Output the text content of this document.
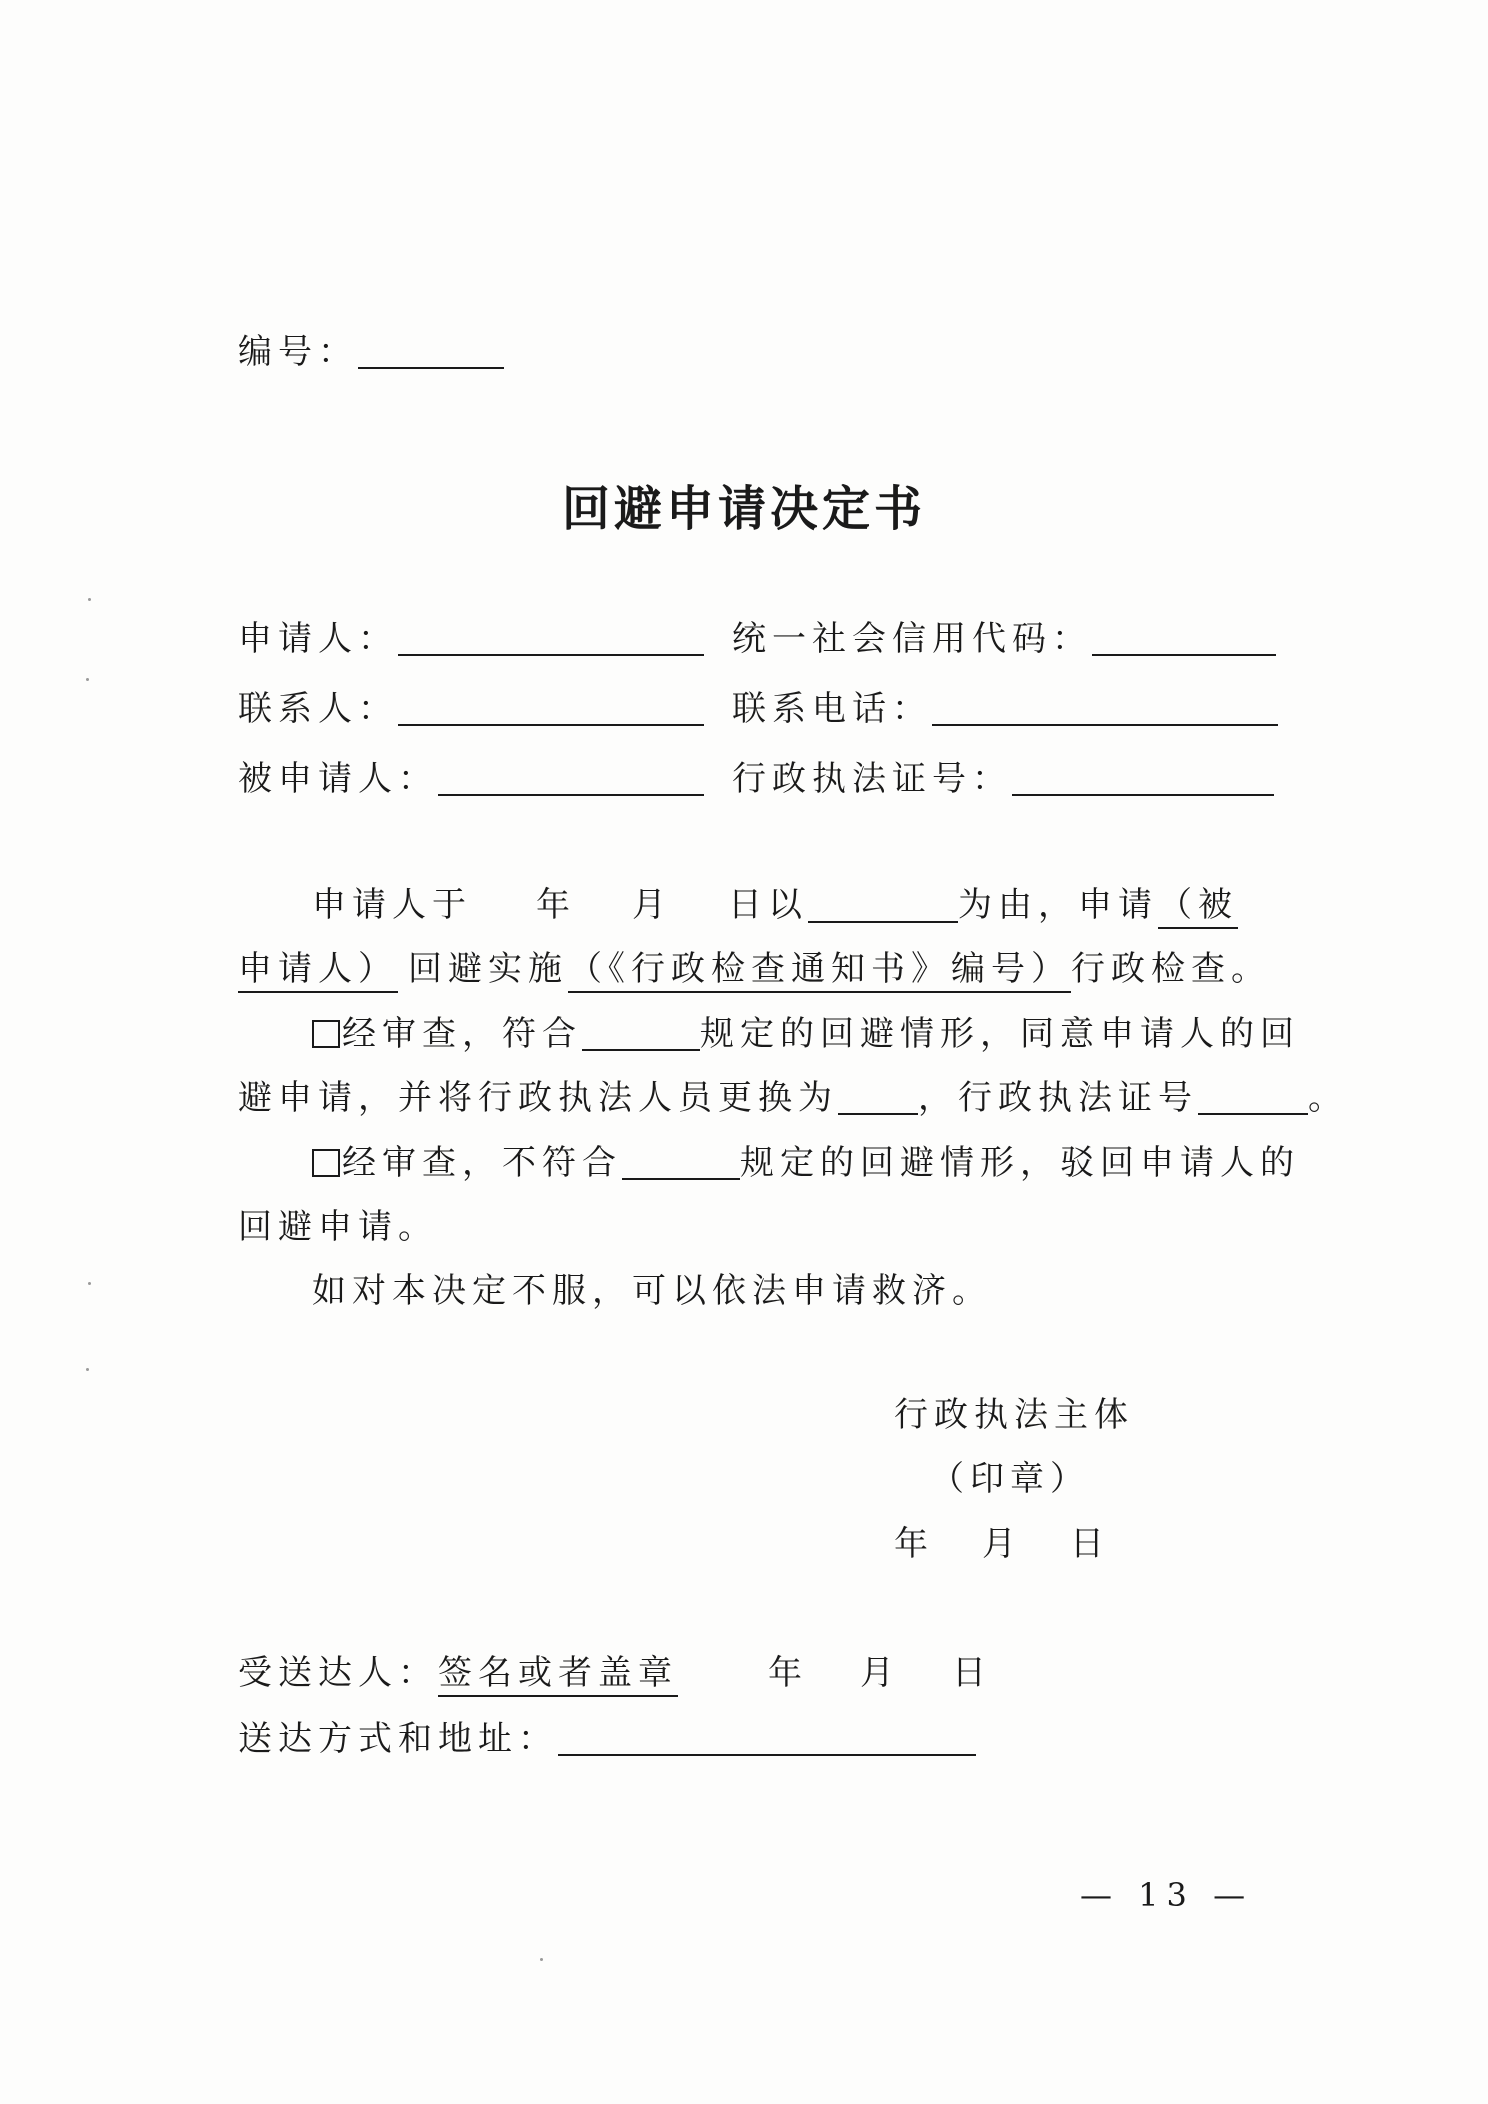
编号：
回避申请决定书
申请人：	统一社会信用代码：
联系人：	联系电话：
被申请人：	行政执法证号：
申请人于 年 月 日以	为由，申请（被
申请人） 回避实施（《行政检查通知书》编号）行政检查。
经审查，符合	规定的回避情形，同意申请人的回
避申请，并将行政执法人员更换为 ，行政执法证号	。
经审查，不符合	规定的回避情形，驳回申请人的
回避申请。
如对本决定不服，可以依法申请救济。
行政执法主体
（印章）
年 月 日
受送达人：签名或者盖章	年 月 日
送达方式和地址：
— 13 —
